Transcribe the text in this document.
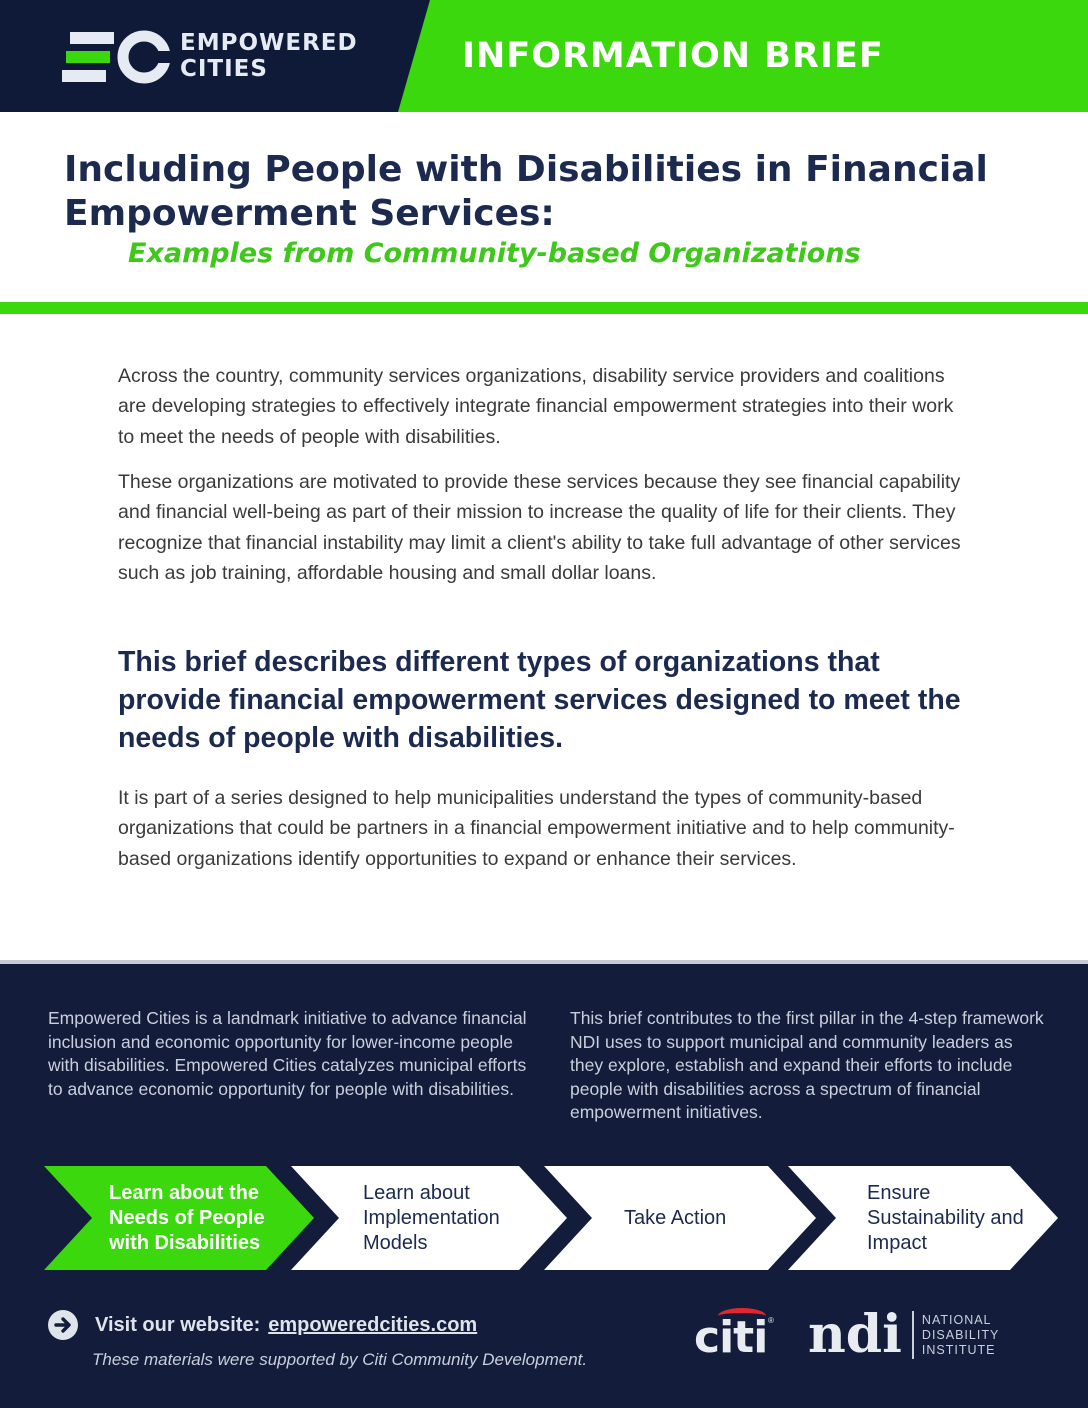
EMPOWERED
CITIES	INFORMATION BRIEF
Including People with Disabilities in Financial
Empowerment Services:
Examples from Community-based Organizations

Across the country, community services organizations, disability service providers and coalitions are developing strategies to effectively integrate financial empowerment strategies into their work to meet the needs of people with disabilities.

These organizations are motivated to provide these services because they see financial capability and financial well-being as part of their mission to increase the quality of life for their clients. They recognize that financial instability may limit a client's ability to take full advantage of other services such as job training, affordable housing and small dollar loans.

This brief describes different types of organizations that provide financial empowerment services designed to meet the needs of people with disabilities.

It is part of a series designed to help municipalities understand the types of community-based organizations that could be partners in a financial empowerment initiative and to help community-based organizations identify opportunities to expand or enhance their services.

Empowered Cities is a landmark initiative to advance financial inclusion and economic opportunity for lower-income people with disabilities. Empowered Cities catalyzes municipal efforts to advance economic opportunity for people with disabilities.

This brief contributes to the first pillar in the 4-step framework NDI uses to support municipal and community leaders as they explore, establish and expand their efforts to include people with disabilities across a spectrum of financial empowerment initiatives.

Learn about the Needs of People with Disabilities
Learn about Implementation Models
Take Action
Ensure Sustainability and Impact
Visit our website: empoweredcities.com
These materials were supported by Citi Community Development. citi ® ndi NATIONAL
DISABILITY
INSTITUTE
